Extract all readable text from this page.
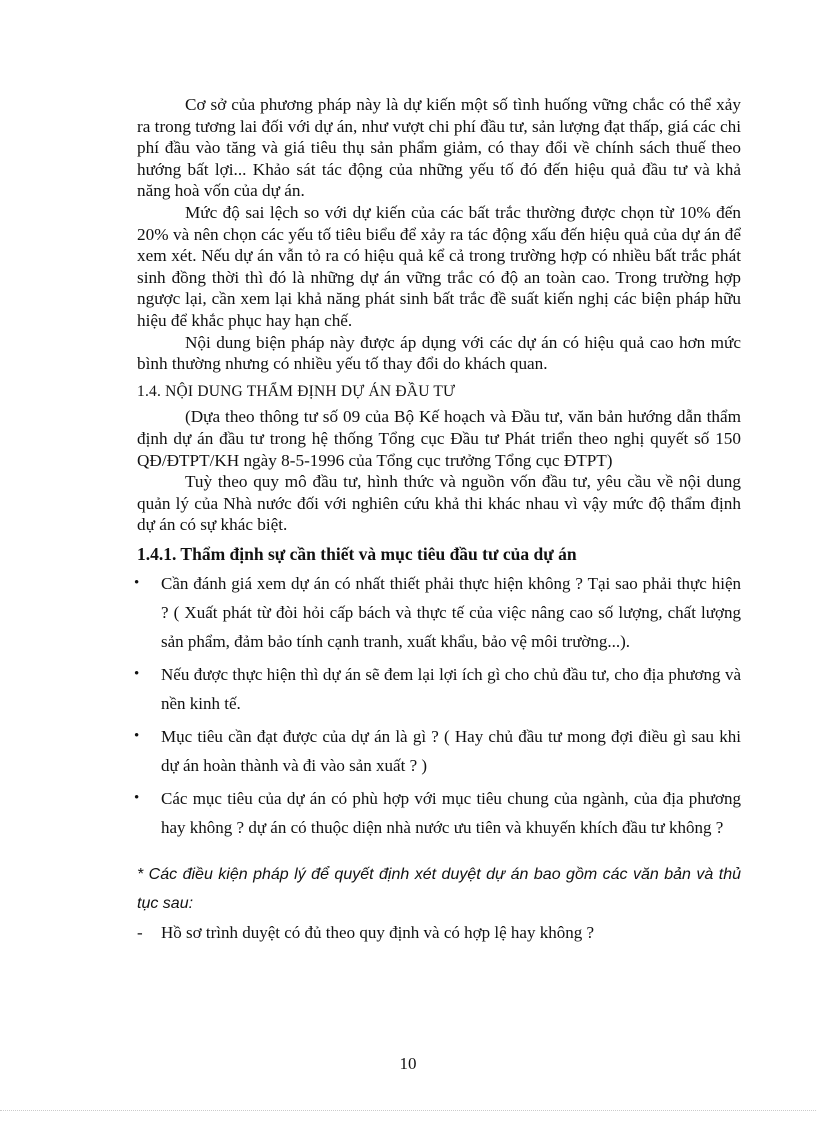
Cơ sở của phương pháp này là dự kiến một số tình huống vững chắc có thể xảy ra trong tương lai đối với dự án, như vượt chi phí đầu tư, sản lượng đạt thấp, giá các chi phí đầu vào tăng và giá tiêu thụ sản phẩm giảm, có thay đổi về chính sách thuế theo hướng bất lợi... Khảo sát tác động của những yếu tố đó đến hiệu quả đầu tư và khả năng hoà vốn của dự án.

Mức độ sai lệch so với dự kiến của các bất trắc thường được chọn từ 10% đến 20% và nên chọn các yếu tố tiêu biểu để xảy ra tác động xấu đến hiệu quả của dự án để xem xét. Nếu dự án vẫn tỏ ra có hiệu quả kể cả trong trường hợp có nhiều bất trắc phát sinh đồng thời thì đó là những dự án vững trắc có độ an toàn cao. Trong trường hợp ngược lại, cần xem lại khả năng phát sinh bất trắc đề suất kiến nghị các biện pháp hữu hiệu để khắc phục hay hạn chế.

Nội dung biện pháp này được áp dụng với các dự án có hiệu quả cao hơn mức bình thường nhưng có nhiều yếu tố thay đổi do khách quan.

1.4. NỘI DUNG THẨM ĐỊNH DỰ ÁN ĐẦU TƯ

(Dựa theo thông tư số 09 của Bộ Kế hoạch và Đầu tư, văn bản hướng dẫn thẩm định dự án đầu tư trong hệ thống Tổng cục Đầu tư Phát triển theo nghị quyết số 150 QĐ/ĐTPT/KH ngày 8-5-1996 của Tổng cục trưởng Tổng cục ĐTPT)

Tuỳ theo quy mô đầu tư, hình thức và nguồn vốn đầu tư, yêu cầu về nội dung quản lý của Nhà nước đối với nghiên cứu khả thi khác nhau vì vậy mức độ thẩm định dự án có sự khác biệt.

1.4.1. Thẩm định sự cần thiết và mục tiêu đầu tư của dự án

• Cần đánh giá xem dự án có nhất thiết phải thực hiện không ? Tại sao phải thực hiện ? ( Xuất phát từ đòi hỏi cấp bách và thực tế của việc nâng cao số lượng, chất lượng sản phẩm, đảm bảo tính cạnh tranh, xuất khẩu, bảo vệ môi trường...).
• Nếu được thực hiện thì dự án sẽ đem lại lợi ích gì cho chủ đầu tư, cho địa phương và nền kinh tế.
• Mục tiêu cần đạt được của dự án là gì ? ( Hay chủ đầu tư mong đợi điều gì sau khi dự án hoàn thành và đi vào sản xuất ? )
• Các mục tiêu của dự án có phù hợp với mục tiêu chung của ngành, của địa phương hay không ? dự án có thuộc diện nhà nước ưu tiên và khuyến khích đầu tư không ?

* Các điều kiện pháp lý để quyết định xét duyệt dự án bao gồm các văn bản và thủ tục sau:

- Hồ sơ trình duyệt có đủ theo quy định và có hợp lệ hay không ?
10
